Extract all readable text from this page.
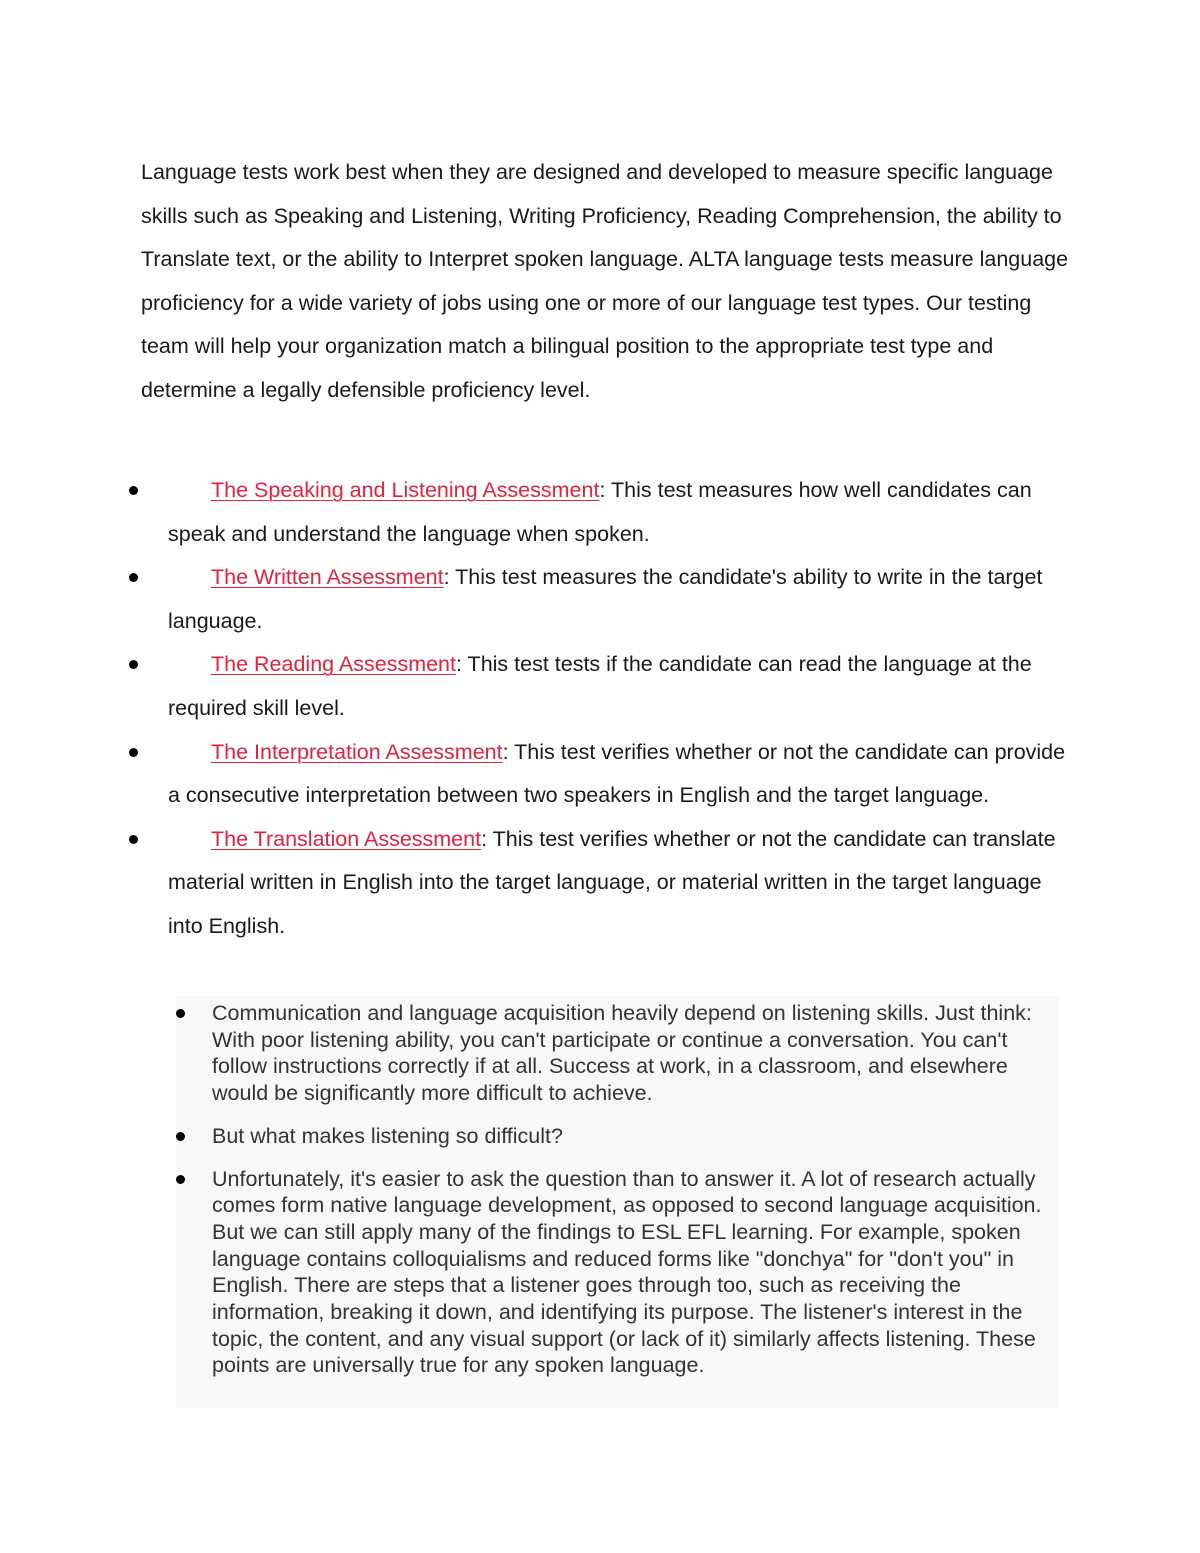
Language tests work best when they are designed and developed to measure specific language skills such as Speaking and Listening, Writing Proficiency, Reading Comprehension, the ability to Translate text, or the ability to Interpret spoken language. ALTA language tests measure language proficiency for a wide variety of jobs using one or more of our language test types. Our testing team will help your organization match a bilingual position to the appropriate test type and determine a legally defensible proficiency level.

The Speaking and Listening Assessment: This test measures how well candidates can speak and understand the language when spoken.
The Written Assessment: This test measures the candidate's ability to write in the target language.
The Reading Assessment: This test tests if the candidate can read the language at the required skill level.
The Interpretation Assessment: This test verifies whether or not the candidate can provide a consecutive interpretation between two speakers in English and the target language.
The Translation Assessment: This test verifies whether or not the candidate can translate material written in English into the target language, or material written in the target language into English.
Communication and language acquisition heavily depend on listening skills. Just think: With poor listening ability, you can't participate or continue a conversation. You can't follow instructions correctly if at all. Success at work, in a classroom, and elsewhere would be significantly more difficult to achieve.
But what makes listening so difficult?
Unfortunately, it's easier to ask the question than to answer it. A lot of research actually comes form native language development, as opposed to second language acquisition. But we can still apply many of the findings to ESL EFL learning. For example, spoken language contains colloquialisms and reduced forms like "donchya" for "don't you" in English. There are steps that a listener goes through too, such as receiving the information, breaking it down, and identifying its purpose. The listener's interest in the topic, the content, and any visual support (or lack of it) similarly affects listening. These points are universally true for any spoken language.
